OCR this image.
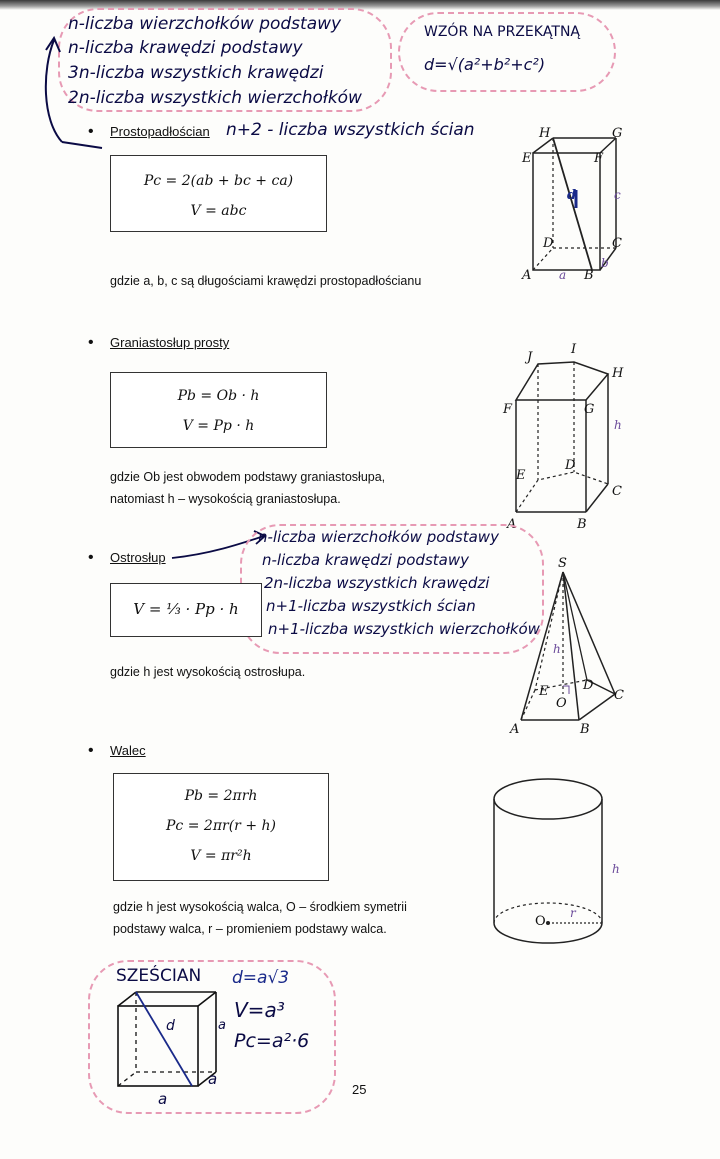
n-liczba wierzchołków podstawy
n-liczba krawędzi podstawy
3n-liczba wszystkich krawędzi
2n-liczba wszystkich wierzchołków
WZÓR NA PRZEKĄTNĄ
d=√(a²+b²+c²)
• Prostopadłościan n+2 - liczba wszystkich ścian
Pc = 2(ab + bc + ca)
V = abc
gdzie a, b, c są długościami krawędzi prostopadłościanu
H	G
E	F
c
d
D	C
A a B
b
• Graniastosłup prosty
Pb = Ob · h
V = Pp · h
gdzie Ob jest obwodem podstawy graniastosłupa,
natomiast h – wysokością graniastosłupa.
J
I
H
F	G
h
D
E
C
A	B
• Ostrosłup
n-liczba wierzchołków podstawy
n-liczba krawędzi podstawy
2n-liczba wszystkich krawędzi
n+1-liczba wszystkich ścian
n+1-liczba wszystkich wierzchołków
V = ⅓ · Pp · h
gdzie h jest wysokością ostrosłupa.
S
h
E	D
O
C
A	B
• Walec
Pb = 2πrh
Pc = 2πr(r + h)
V = πr²h
gdzie h jest wysokością walca, O – środkiem symetrii
podstawy walca, r – promieniem podstawy walca.
h
O
r
SZEŚCIAN
d
a
a
a
d=a√3
V=a³
Pc=a²·6
25
